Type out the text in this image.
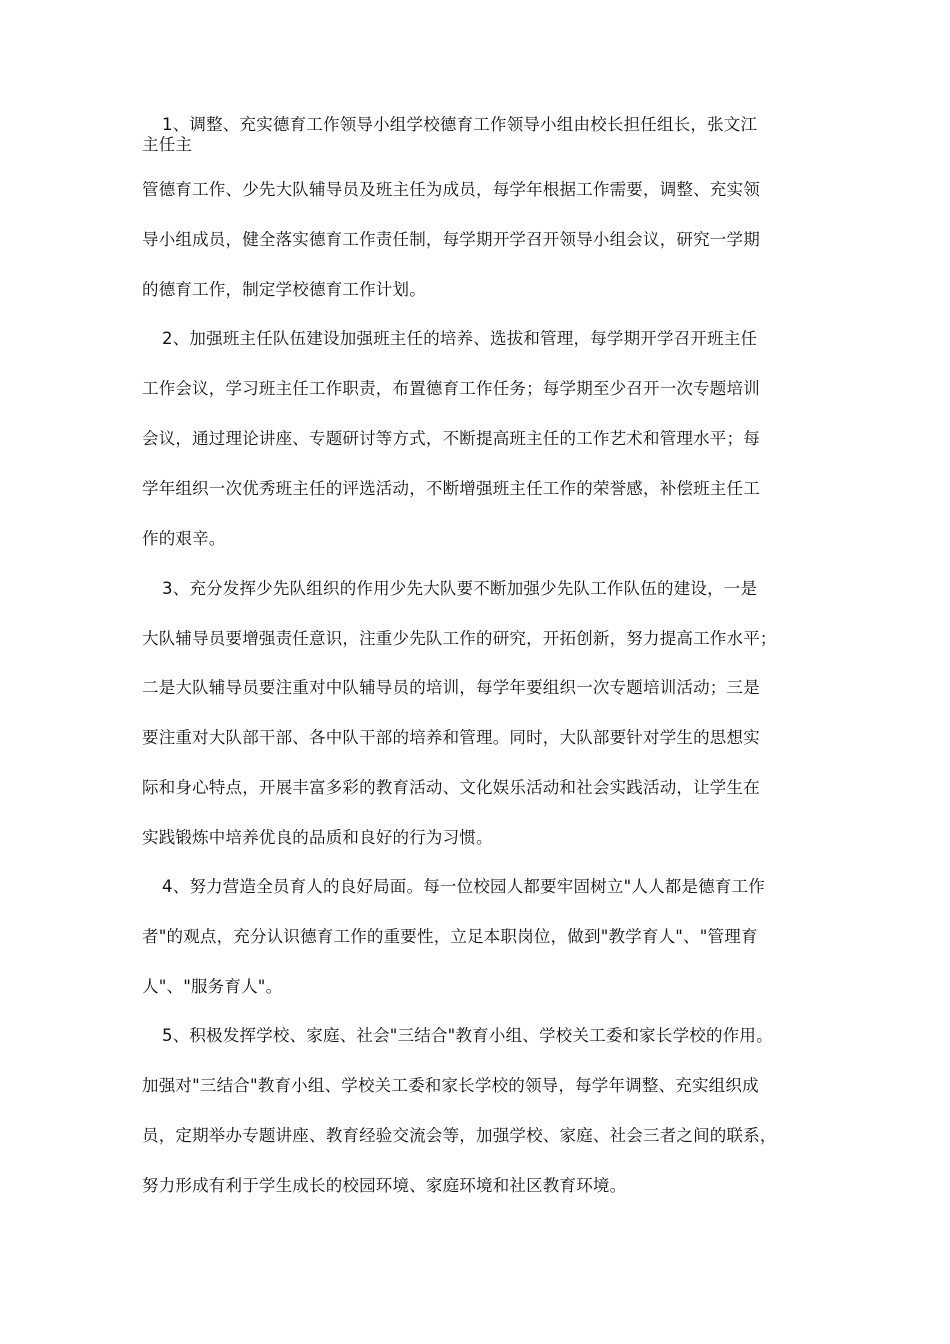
1、调整、充实德育工作领导小组学校德育工作领导小组由校长担任组长，张文江
主任主
管德育工作、少先大队辅导员及班主任为成员，每学年根据工作需要，调整、充实领
导小组成员，健全落实德育工作责任制，每学期开学召开领导小组会议，研究一学期
的德育工作，制定学校德育工作计划。
2、加强班主任队伍建设加强班主任的培养、选拔和管理，每学期开学召开班主任
工作会议，学习班主任工作职责，布置德育工作任务；每学期至少召开一次专题培训
会议，通过理论讲座、专题研讨等方式，不断提高班主任的工作艺术和管理水平；每
学年组织一次优秀班主任的评选活动，不断增强班主任工作的荣誉感，补偿班主任工
作的艰辛。
3、充分发挥少先队组织的作用少先大队要不断加强少先队工作队伍的建设，一是
大队辅导员要增强责任意识，注重少先队工作的研究，开拓创新，努力提高工作水平；
二是大队辅导员要注重对中队辅导员的培训，每学年要组织一次专题培训活动；三是
要注重对大队部干部、各中队干部的培养和管理。同时，大队部要针对学生的思想实
际和身心特点，开展丰富多彩的教育活动、文化娱乐活动和社会实践活动，让学生在
实践锻炼中培养优良的品质和良好的行为习惯。
4、努力营造全员育人的良好局面。每一位校园人都要牢固树立"人人都是德育工作
者"的观点，充分认识德育工作的重要性，立足本职岗位，做到"教学育人"、"管理育
人"、"服务育人"。
5、积极发挥学校、家庭、社会"三结合"教育小组、学校关工委和家长学校的作用。
加强对"三结合"教育小组、学校关工委和家长学校的领导，每学年调整、充实组织成
员，定期举办专题讲座、教育经验交流会等，加强学校、家庭、社会三者之间的联系，
努力形成有利于学生成长的校园环境、家庭环境和社区教育环境。
